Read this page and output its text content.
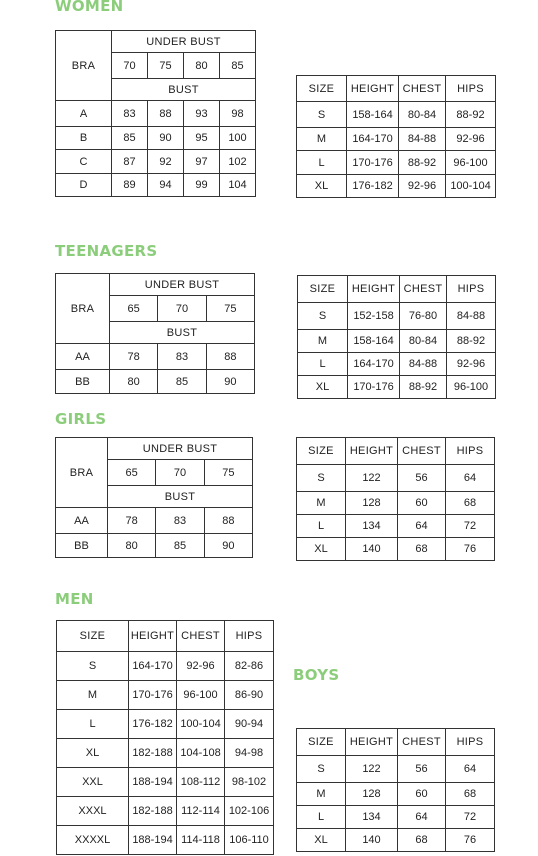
WOMEN
BRA	UNDER BUST			
	70	75	80	85
	BUST			
A	83	88	93	98
B	85	90	95	100
C	87	92	97	102
D	89	94	99	104
SIZE	HEIGHT	CHEST	HIPS
S	158-164	80-84	88-92
M	164-170	84-88	92-96
L	170-176	88-92	96-100
XL	176-182	92-96	100-104
TEENAGERS
BRA	UNDER BUST		
	65	70	75
	BUST		
AA	78	83	88
BB	80	85	90
SIZE	HEIGHT	CHEST	HIPS
S	152-158	76-80	84-88
M	158-164	80-84	88-92
L	164-170	84-88	92-96
XL	170-176	88-92	96-100
GIRLS
BRA	UNDER BUST		
	65	70	75
	BUST		
AA	78	83	88
BB	80	85	90
SIZE	HEIGHT	CHEST	HIPS
S	122	56	64
M	128	60	68
L	134	64	72
XL	140	68	76
MEN
SIZE	HEIGHT	CHEST	HIPS
S	164-170	92-96	82-86
M	170-176	96-100	86-90
L	176-182	100-104	90-94
XL	182-188	104-108	94-98
XXL	188-194	108-112	98-102
XXXL	182-188	112-114	102-106
XXXXL	188-194	114-118	106-110
BOYS
SIZE	HEIGHT	CHEST	HIPS
S	122	56	64
M	128	60	68
L	134	64	72
XL	140	68	76
